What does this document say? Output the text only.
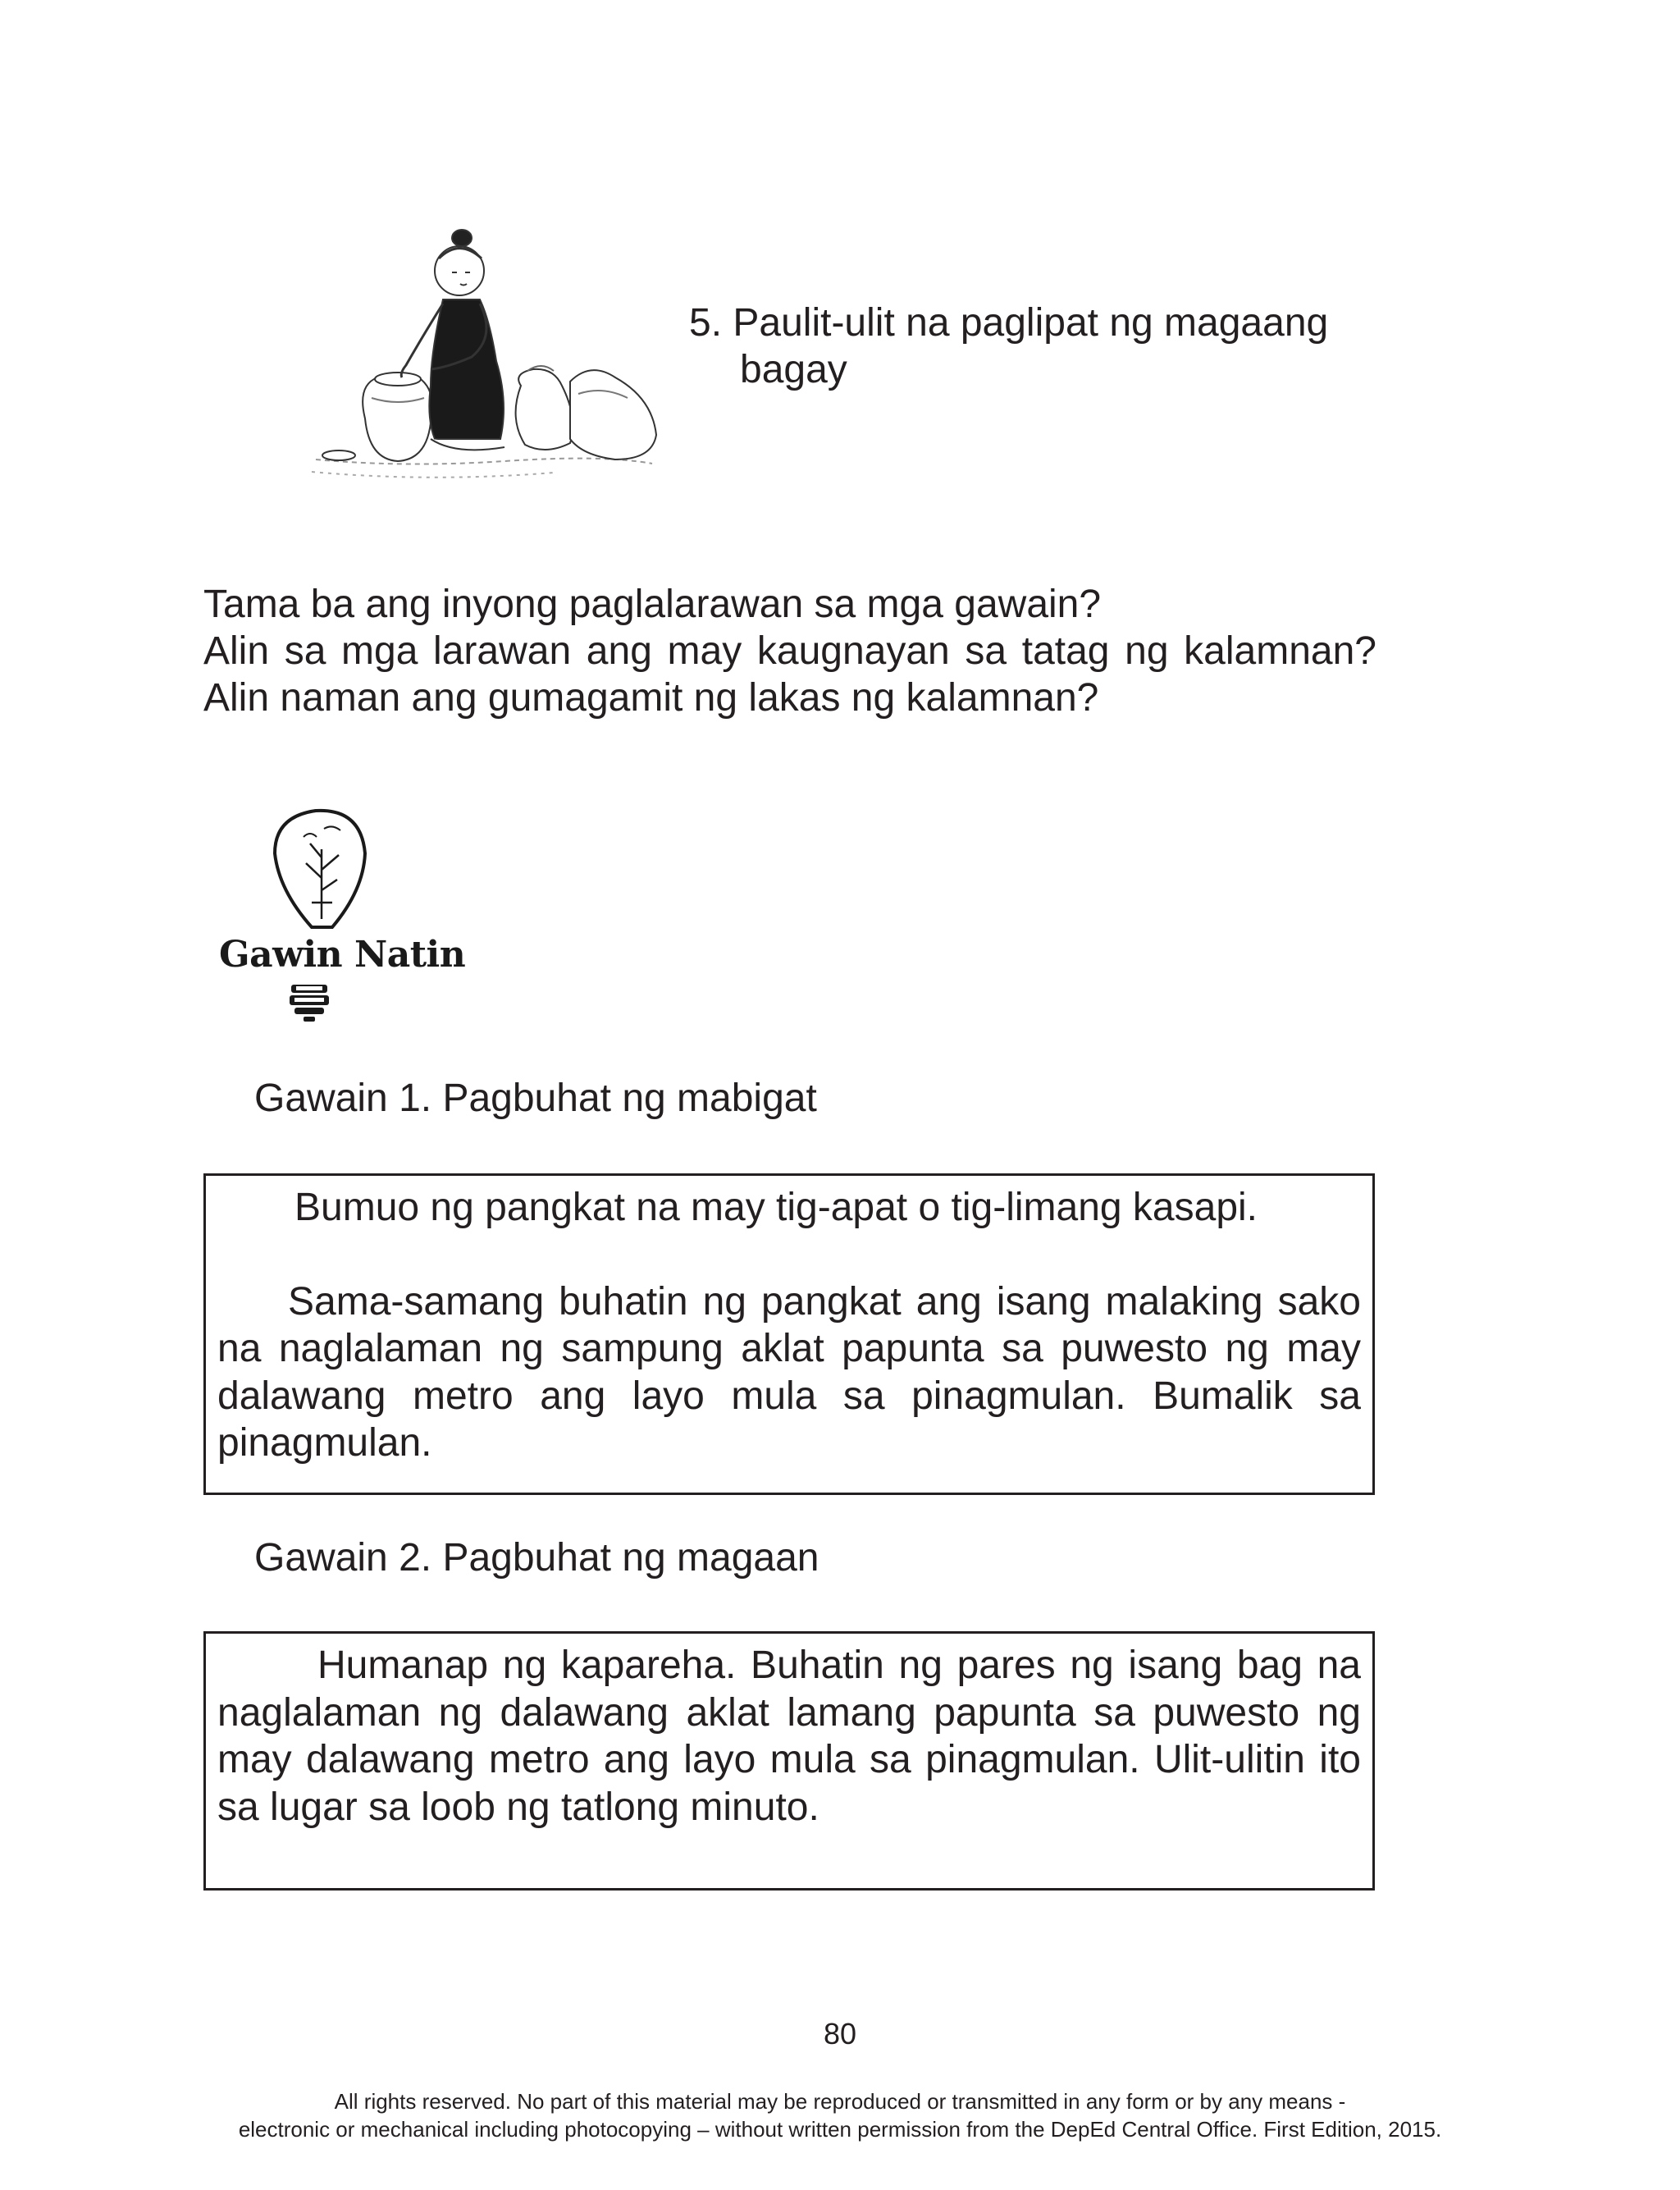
5. Paulit-ulit na paglipat ng magaang
bagay

Tama ba ang inyong paglalarawan sa mga gawain?

Alin sa mga larawan ang may kaugnayan sa tatag ng kalamnan?

Alin naman ang gumagamit ng lakas ng kalamnan?

Gawin Natin
Gawain 1. Pagbuhat ng mabigat

Bumuo ng pangkat na may tig-apat o tig-limang kasapi.

Sama-samang buhatin ng pangkat ang isang malaking sako na naglalaman ng sampung aklat papunta sa puwesto ng may dalawang metro ang layo mula sa pinagmulan. Bumalik sa pinagmulan.

Gawain 2. Pagbuhat ng magaan

Humanap ng kapareha. Buhatin ng pares ng isang bag na naglalaman ng dalawang aklat lamang papunta sa puwesto ng may dalawang metro ang layo mula sa pinagmulan. Ulit-ulitin ito sa lugar sa loob ng tatlong minuto.

80
All rights reserved. No part of this material may be reproduced or transmitted in any form or by any means -
electronic or mechanical including photocopying – without written permission from the DepEd Central Office. First Edition, 2015.
